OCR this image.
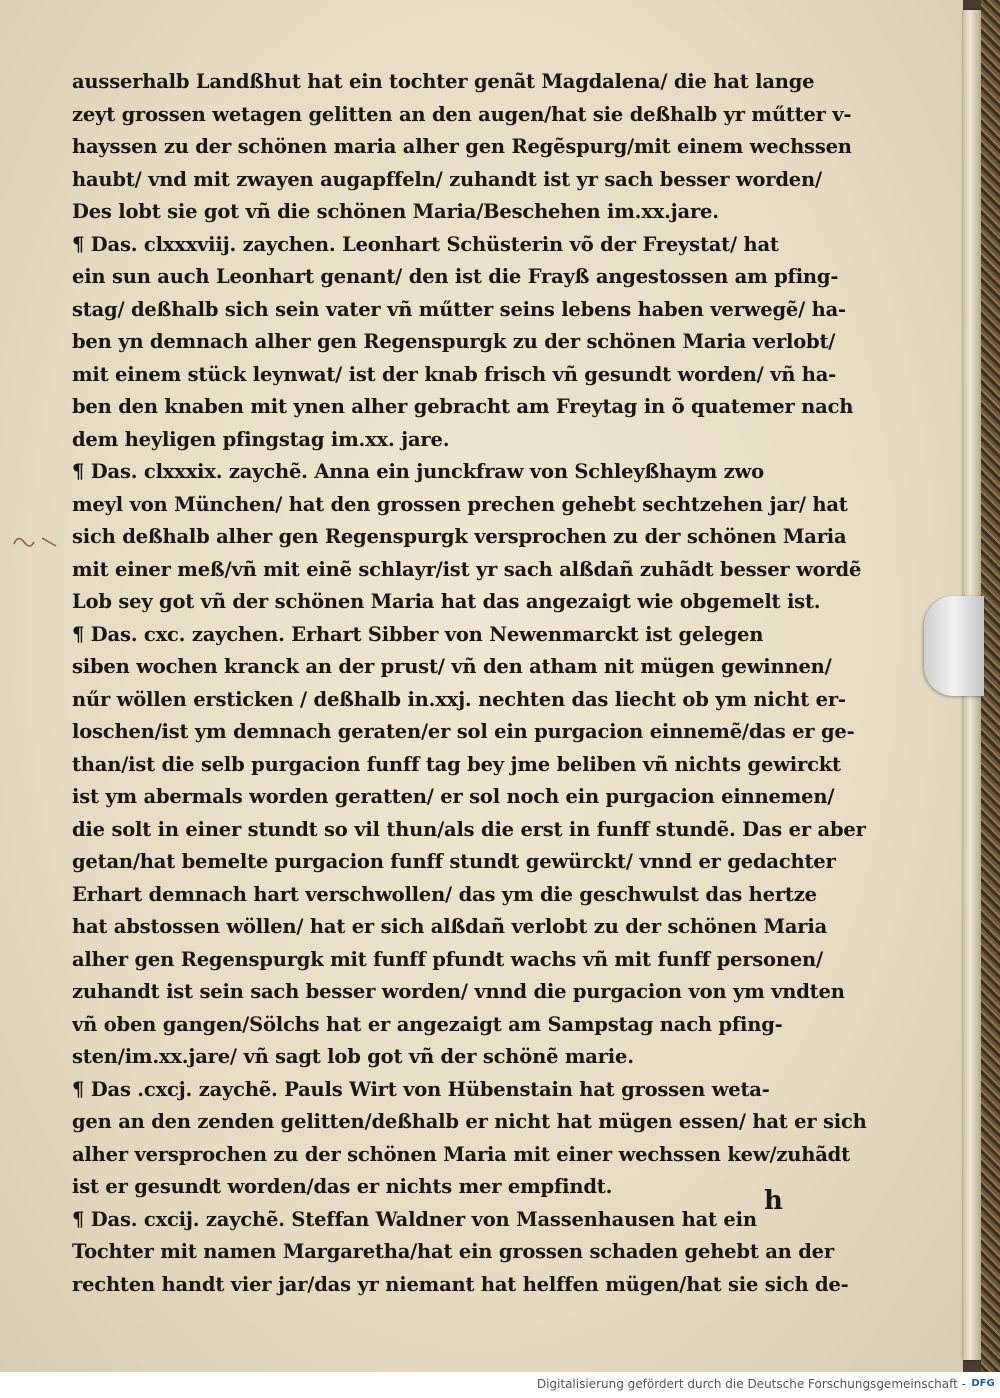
ausserhalb Landßhut hat ein tochter genãt Magdalena/ die hat lange
zeyt grossen wetagen gelitten an den augen/hat sie deßhalb yr műtter v-
hayssen zu der schönen maria alher gen Regẽspurg/mit einem wechssen
haubt/ vnd mit zwayen augapffeln/ zuhandt ist yr sach besser worden/
Des lobt sie got vñ die schönen Maria/Beschehen im.xx.jare.
¶ Das. clxxxviij. zaychen. Leonhart Schüsterin võ der Freystat/ hat
ein sun auch Leonhart genant/ den ist die Frayß angestossen am pfing-
stag/ deßhalb sich sein vater vñ műtter seins lebens haben verwegẽ/ ha-
ben yn demnach alher gen Regenspurgk zu der schönen Maria verlobt/
mit einem stück leynwat/ ist der knab frisch vñ gesundt worden/ vñ ha-
ben den knaben mit ynen alher gebracht am Freytag in õ quatemer nach
dem heyligen pfingstag im.xx. jare.
¶ Das. clxxxix. zaychẽ. Anna ein junckfraw von Schleyßhaym zwo
meyl von München/ hat den grossen prechen gehebt sechtzehen jar/ hat
sich deßhalb alher gen Regenspurgk versprochen zu der schönen Maria
mit einer meß/vñ mit einẽ schlayr/ist yr sach alßdañ zuhãdt besser wordẽ
Lob sey got vñ der schönen Maria hat das angezaigt wie obgemelt ist.
¶ Das. cxc. zaychen. Erhart Sibber von Newenmarckt ist gelegen
siben wochen kranck an der prust/ vñ den atham nit mügen gewinnen/
nűr wöllen ersticken / deßhalb in.xxj. nechten das liecht ob ym nicht er-
loschen/ist ym demnach geraten/er sol ein purgacion einnemẽ/das er ge-
than/ist die selb purgacion funff tag bey jme beliben vñ nichts gewirckt
ist ym abermals worden geratten/ er sol noch ein purgacion einnemen/
die solt in einer stundt so vil thun/als die erst in funff stundẽ. Das er aber
getan/hat bemelte purgacion funff stundt gewürckt/ vnnd er gedachter
Erhart demnach hart verschwollen/ das ym die geschwulst das hertze
hat abstossen wöllen/ hat er sich alßdañ verlobt zu der schönen Maria
alher gen Regenspurgk mit funff pfundt wachs vñ mit funff personen/
zuhandt ist sein sach besser worden/ vnnd die purgacion von ym vndten
vñ oben gangen/Sölchs hat er angezaigt am Sampstag nach pfing-
sten/im.xx.jare/ vñ sagt lob got vñ der schönẽ marie.
¶ Das .cxcj. zaychẽ. Pauls Wirt von Hübenstain hat grossen weta-
gen an den zenden gelitten/deßhalb er nicht hat mügen essen/ hat er sich
alher versprochen zu der schönen Maria mit einer wechssen kew/zuhãdt
ist er gesundt worden/das er nichts mer empfindt.
¶ Das. cxcij. zaychẽ. Steffan Waldner von Massenhausen hat ein
Tochter mit namen Margaretha/hat ein grossen schaden gehebt an der
rechten handt vier jar/das yr niemant hat helffen mügen/hat sie sich de-
h
Digitalisierung gefördert durch die Deutsche Forschungsgemeinschaft - DFG
